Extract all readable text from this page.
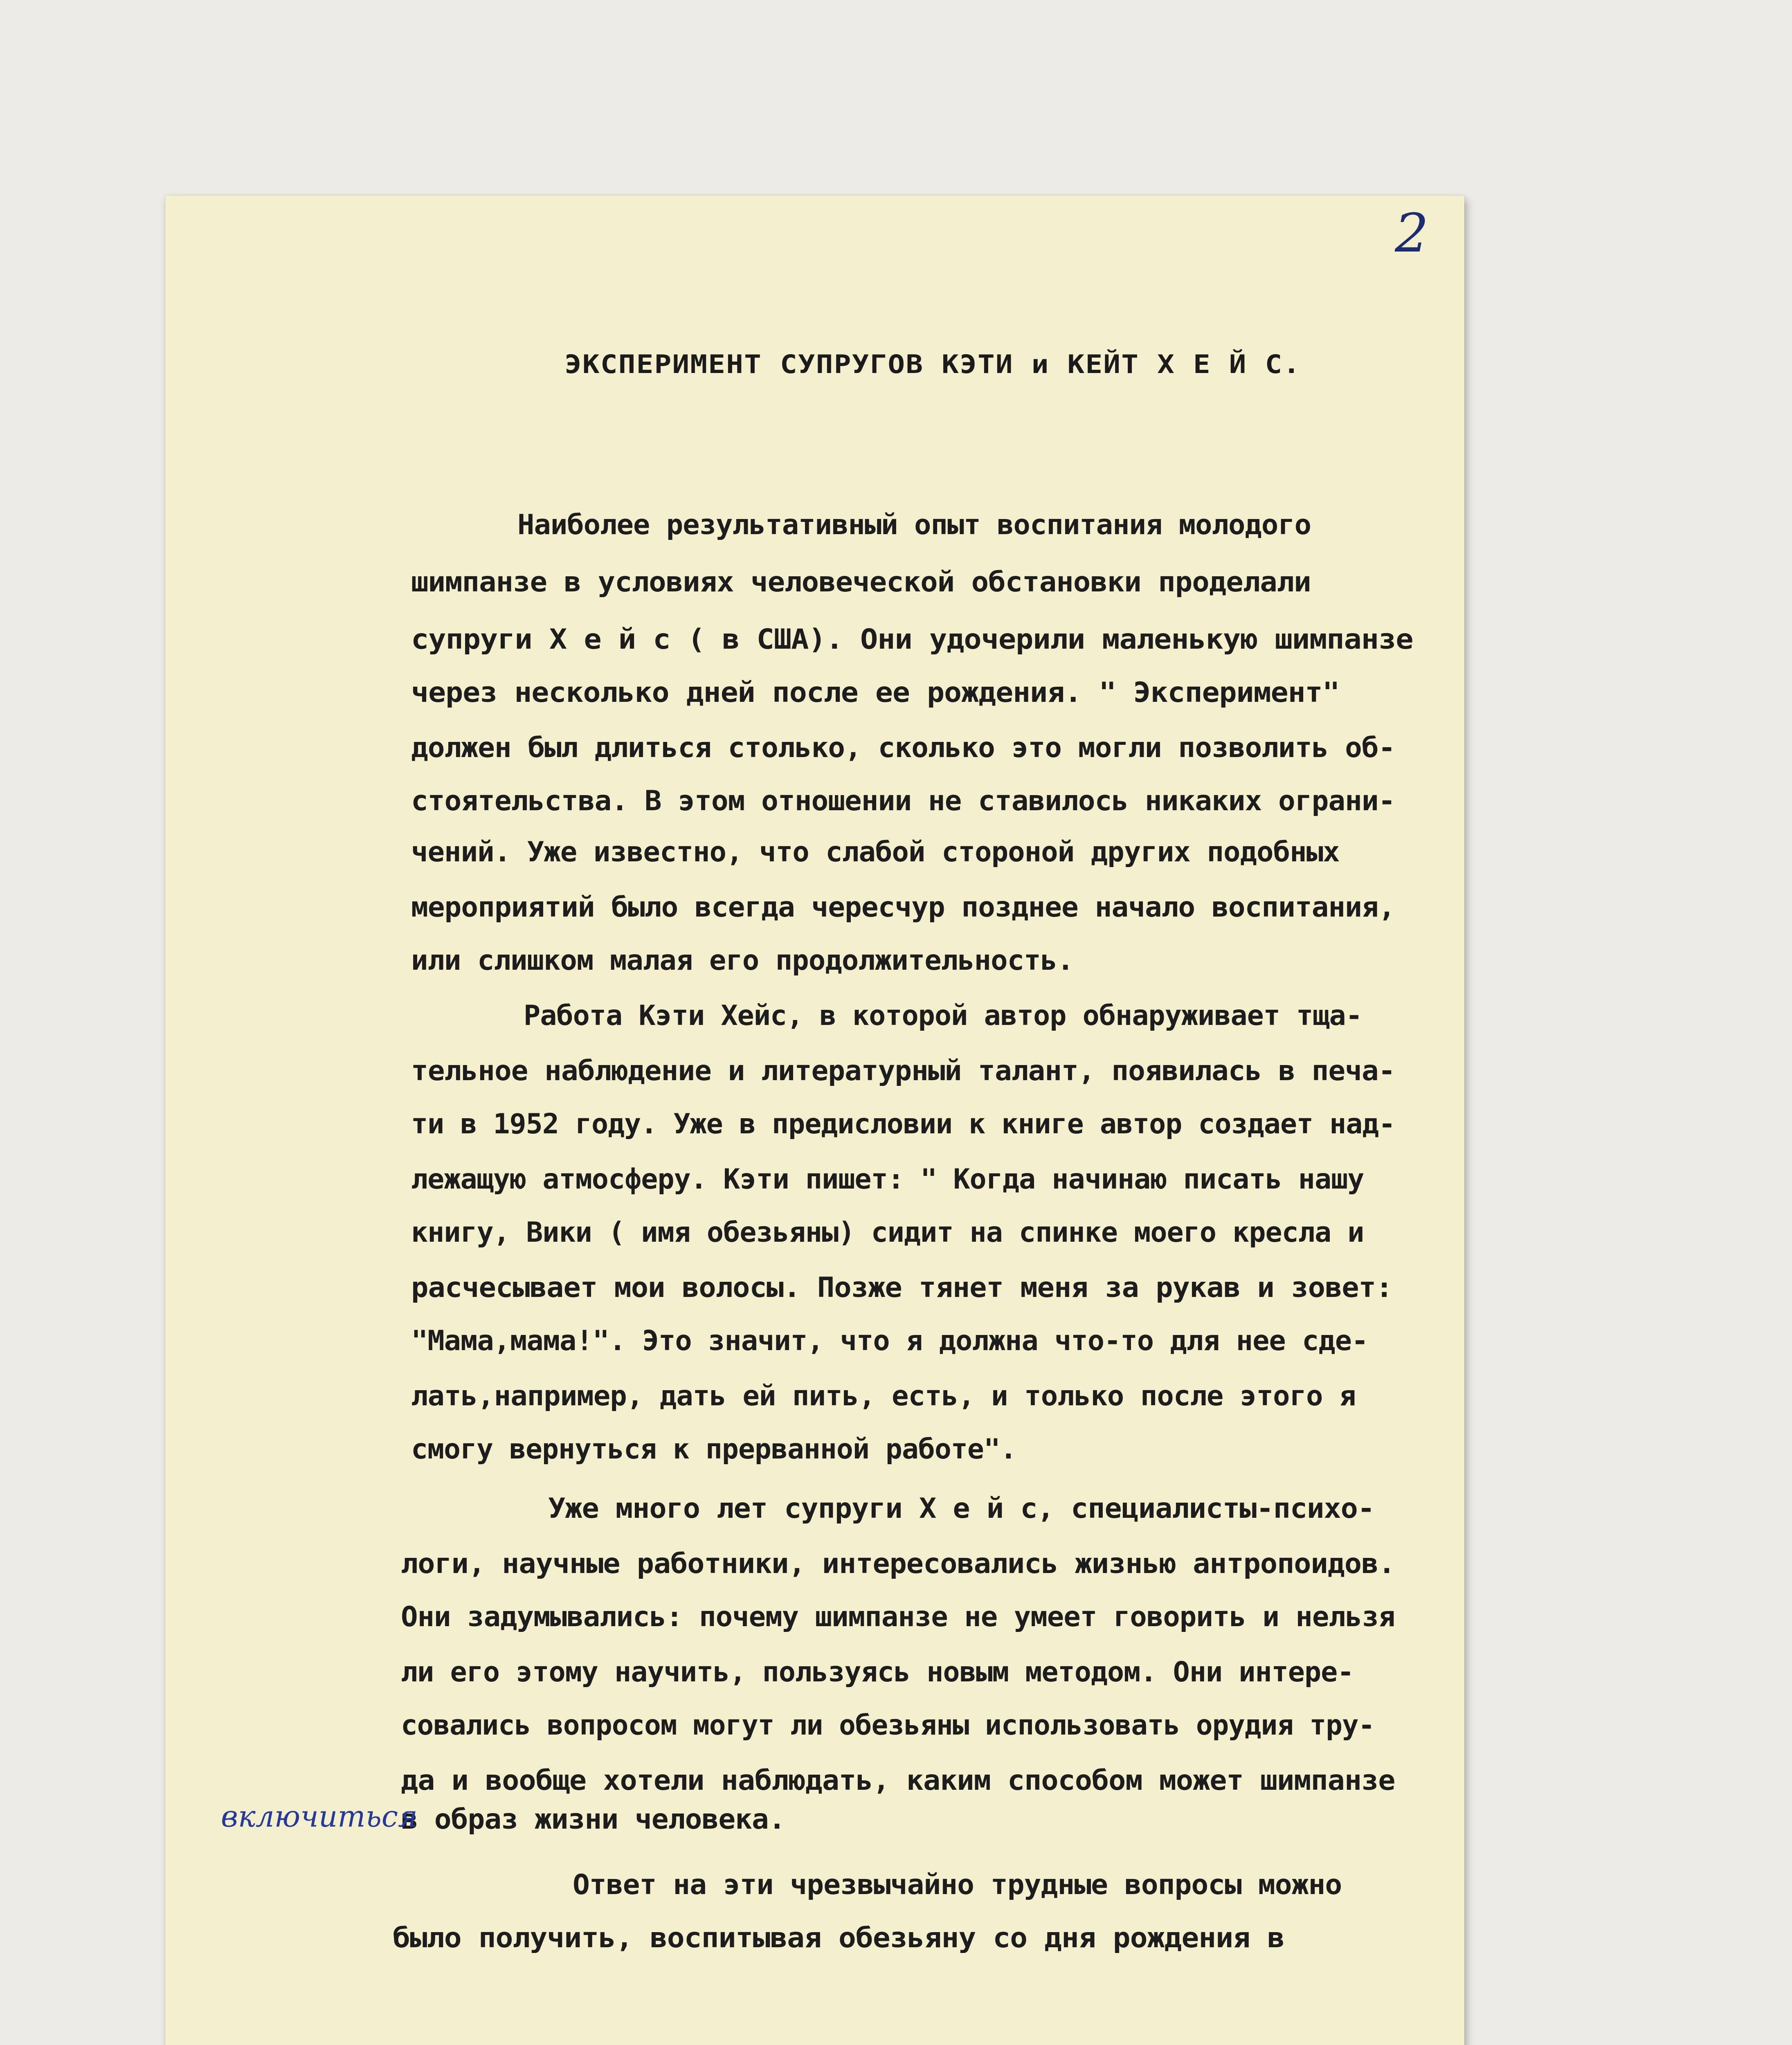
2
ЭКСПЕРИМЕНТ СУПРУГОВ КЭТИ и КЕЙТ Х Е Й С.
Наиболее результативный опыт воспитания молодого
шимпанзе в условиях человеческой обстановки проделали
супруги Х е й с ( в США). Они удочерили маленькую шимпанзе
через несколько дней после ее рождения. " Эксперимент"
должен был длиться столько, сколько это могли позволить об-
стоятельства. В этом отношении не ставилось никаких ограни-
чений. Уже известно, что слабой стороной других подобных
мероприятий было всегда чересчур позднее начало воспитания,
или слишком малая его продолжительность.
Работа Кэти Хейс, в которой автор обнаруживает тща-
тельное наблюдение и литературный талант, появилась в печа-
ти в 1952 году. Уже в предисловии к книге автор создает над-
лежащую атмосферу. Кэти пишет: " Когда начинаю писать нашу
книгу, Вики ( имя обезьяны) сидит на спинке моего кресла и
расчесывает мои волосы. Позже тянет меня за рукав и зовет:
"Мама,мама!". Это значит, что я должна что-то для нее сде-
лать,например, дать ей пить, есть, и только после этого я
смогу вернуться к прерванной работе".
Уже много лет супруги Х е й с, специалисты-психо-
логи, научные работники, интересовались жизнью антропоидов.
Они задумывались: почему шимпанзе не умеет говорить и нельзя
ли его этому научить, пользуясь новым методом. Они интере-
совались вопросом могут ли обезьяны использовать орудия тру-
да и вообще хотели наблюдать, каким способом может шимпанзе
в образ жизни человека.
Ответ на эти чрезвычайно трудные вопросы можно
было получить, воспитывая обезьяну со дня рождения в
включиться
